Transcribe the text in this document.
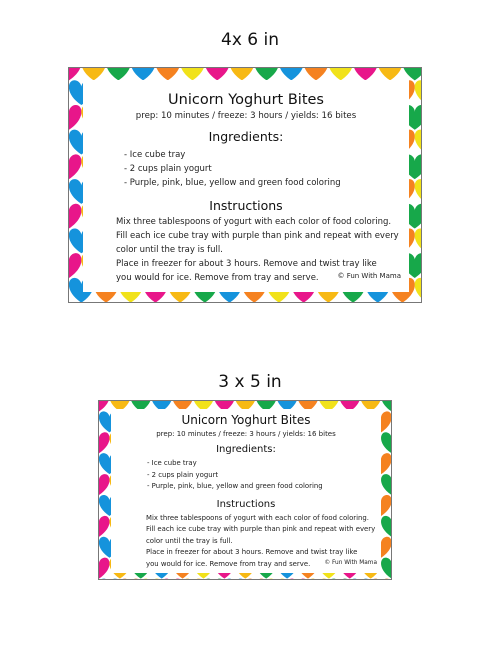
4x 6 in
Unicorn Yoghurt Bites
prep: 10 minutes / freeze: 3 hours / yields: 16 bites
Ingredients:
- Ice cube tray
- 2 cups plain yogurt
- Purple, pink, blue, yellow and green food coloring
Instructions

Mix three tablespoons of yogurt with each color of food coloring.

Fill each ice cube tray with purple than pink and repeat with every

color until the tray is full.

Place in freezer for about 3 hours. Remove and twist tray like

you would for ice. Remove from tray and serve.	© Fun With Mama
3 x 5 in
Unicorn Yoghurt Bites
prep: 10 minutes / freeze: 3 hours / yields: 16 bites
Ingredients:
- Ice cube tray
- 2 cups plain yogurt
- Purple, pink, blue, yellow and green food coloring
Instructions

Mix three tablespoons of yogurt with each color of food coloring.

Fill each ice cube tray with purple than pink and repeat with every

color until the tray is full.

Place in freezer for about 3 hours. Remove and twist tray like

you would for ice. Remove from tray and serve.	© Fun With Mama
